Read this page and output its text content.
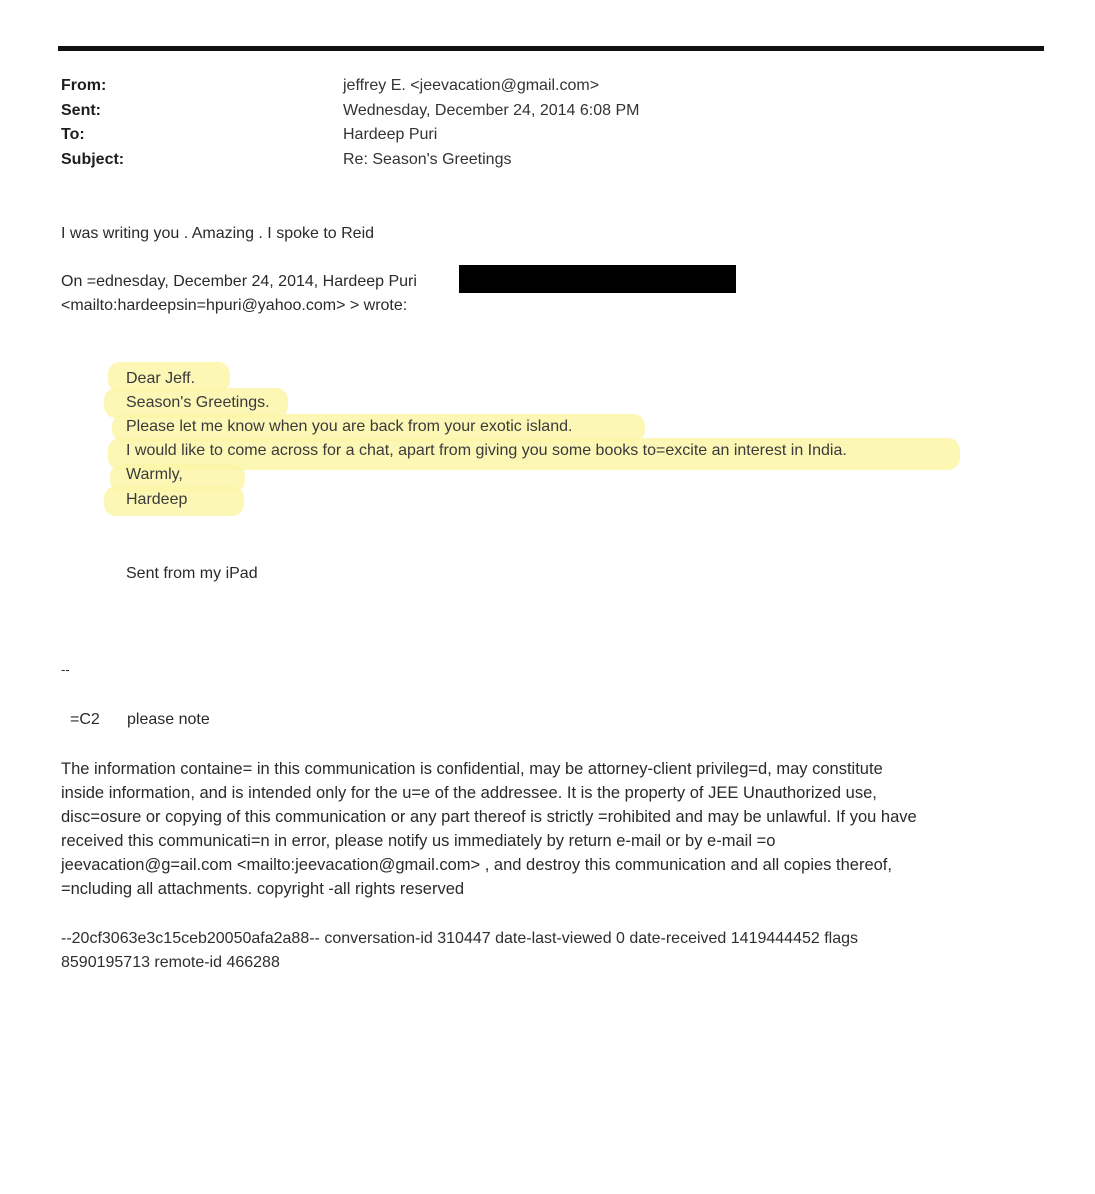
From:	jeffrey E. <jeevacation@gmail.com>
Sent:	Wednesday, December 24, 2014 6:08 PM
To:	Hardeep Puri
Subject:	Re: Season's Greetings
I was writing you . Amazing . I spoke to Reid
On =ednesday, December 24, 2014, Hardeep Puri
<mailto:hardeepsin=hpuri@yahoo.com> > wrote:
Dear Jeff.
Season's Greetings.
Please let me know when you are back from your exotic island.
I would like to come across for a chat, apart from giving you some books to=excite an interest in India.
Warmly,
Hardeep
Sent from my iPad
--
=C2 please note
The information containe= in this communication is confidential, may be attorney-client privileg=d, may constitute
inside information, and is intended only for the u=e of the addressee. It is the property of JEE Unauthorized use,
disc=osure or copying of this communication or any part thereof is strictly =rohibited and may be unlawful. If you have
received this communicati=n in error, please notify us immediately by return e-mail or by e-mail =o
jeevacation@g=ail.com <mailto:jeevacation@gmail.com> , and destroy this communication and all copies thereof,
=ncluding all attachments. copyright -all rights reserved
--20cf3063e3c15ceb20050afa2a88-- conversation-id 310447 date-last-viewed 0 date-received 1419444452 flags
8590195713 remote-id 466288
